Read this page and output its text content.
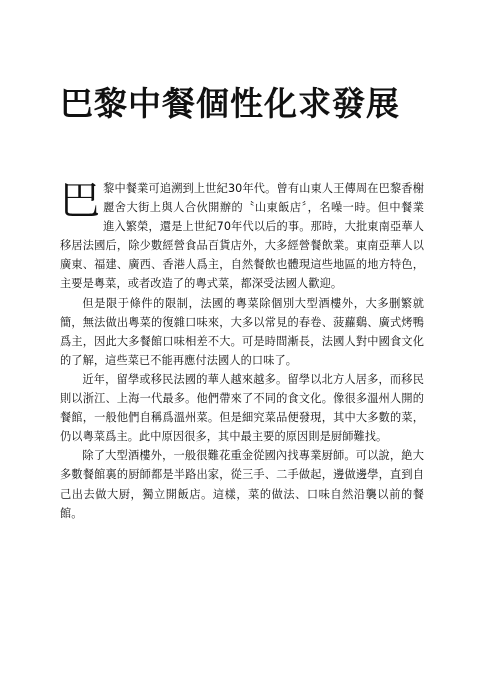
巴黎中餐個性化求發展
巴 黎中餐業可追溯到上世紀30年代。曾有山東人王傳周在巴黎香榭麗舍大街上與人合伙開辦的〝山東飯店〞，名噪一時。但中餐業進入繁榮，還是上世紀70年代以后的事。那時，大批東南亞華人移居法國后，除少數經營食品百貨店外，大多經營餐飲業。東南亞華人以廣東、福建、廣西、香港人爲主，自然餐飲也體現這些地區的地方特色，主要是粵菜，或者改造了的粵式菜，都深受法國人歡迎。

但是限于條件的限制，法國的粵菜除個別大型酒樓外，大多删繁就簡，無法做出粵菜的復雜口味來，大多以常見的春卷、菠蘿鷄、廣式烤鴨爲主，因此大多餐館口味相差不大。可是時間漸長，法國人對中國食文化的了解，這些菜已不能再應付法國人的口味了。

近年，留學或移民法國的華人越來越多。留學以北方人居多，而移民則以浙江、上海一代最多。他們帶來了不同的食文化。像很多溫州人開的餐館，一般他們自稱爲溫州菜。但是細究菜品便發現，其中大多數的菜，仍以粵菜爲主。此中原因很多，其中最主要的原因則是厨師難找。

除了大型酒樓外，一般很難花重金從國內找專業厨師。可以說，絶大多數餐館裏的厨師都是半路出家，從三手、二手做起，邊做邊學，直到自己出去做大厨，獨立開飯店。這樣，菜的做法、口味自然沿襲以前的餐館。
